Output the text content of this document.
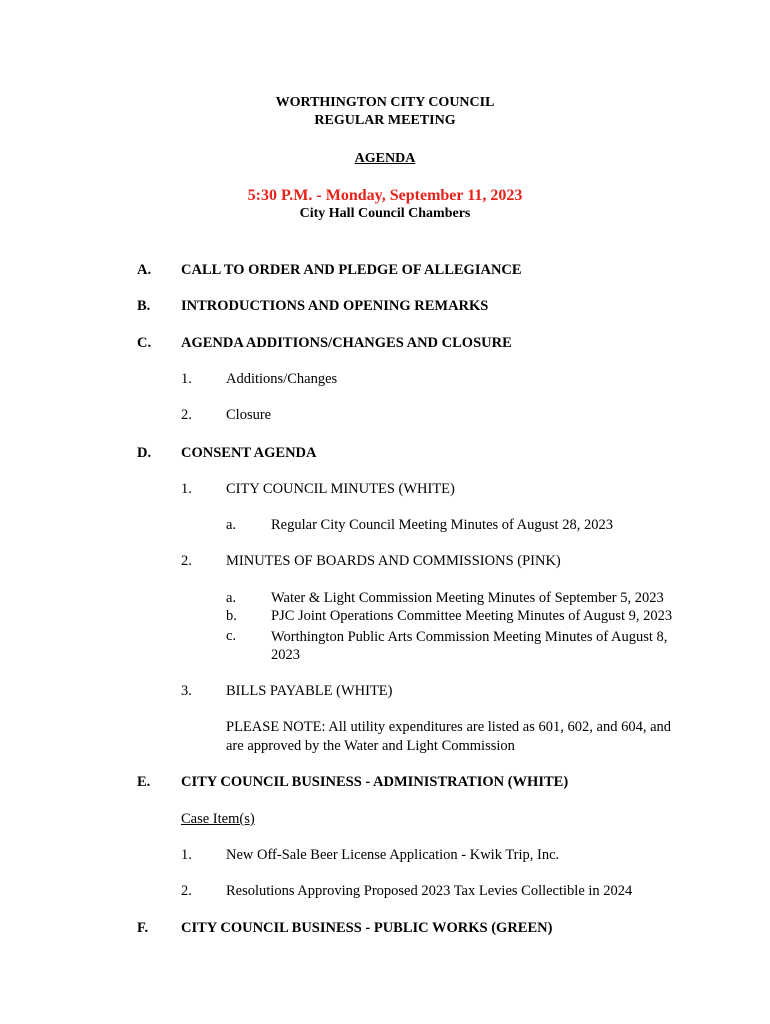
WORTHINGTON CITY COUNCIL
REGULAR MEETING
AGENDA
5:30 P.M. - Monday, September 11, 2023
City Hall Council Chambers
A. CALL TO ORDER AND PLEDGE OF ALLEGIANCE
B. INTRODUCTIONS AND OPENING REMARKS
C. AGENDA ADDITIONS/CHANGES AND CLOSURE
1. Additions/Changes
2. Closure
D. CONSENT AGENDA
1. CITY COUNCIL MINUTES (WHITE)
a. Regular City Council Meeting Minutes of August 28, 2023
2. MINUTES OF BOARDS AND COMMISSIONS (PINK)
a. Water & Light Commission Meeting Minutes of September 5, 2023
b. PJC Joint Operations Committee Meeting Minutes of August 9, 2023
c. Worthington Public Arts Commission Meeting Minutes of August 8, 2023
3. BILLS PAYABLE (WHITE)
PLEASE NOTE: All utility expenditures are listed as 601, 602, and 604, and are approved by the Water and Light Commission
E. CITY COUNCIL BUSINESS - ADMINISTRATION (WHITE)
Case Item(s)
1. New Off-Sale Beer License Application - Kwik Trip, Inc.
2. Resolutions Approving Proposed 2023 Tax Levies Collectible in 2024
F. CITY COUNCIL BUSINESS - PUBLIC WORKS (GREEN)
